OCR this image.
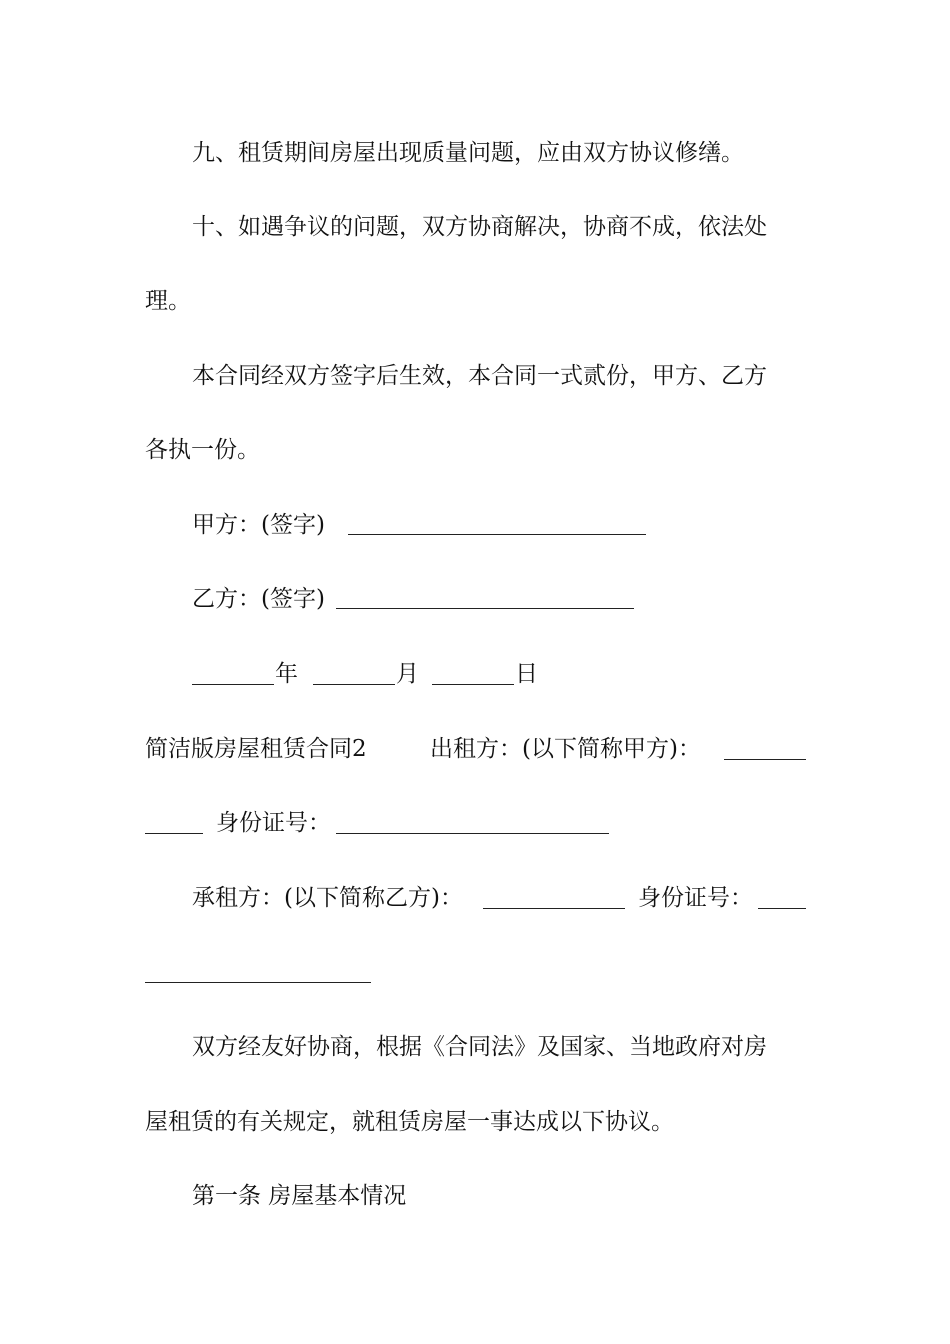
九、租赁期间房屋出现质量问题，应由双方协议修缮。
十、如遇争议的问题，双方协商解决，协商不成，依法处
理。
本合同经双方签字后生效，本合同一式贰份，甲方、乙方
各执一份。
甲方：(签字)
乙方：(签字)
年	月	日
简洁版房屋租赁合同2	出租方：(以下简称甲方)：
身份证号：
承租方：(以下简称乙方)：	身份证号：
双方经友好协商，根据《合同法》及国家、当地政府对房
屋租赁的有关规定，就租赁房屋一事达成以下协议。
第一条 房屋基本情况
